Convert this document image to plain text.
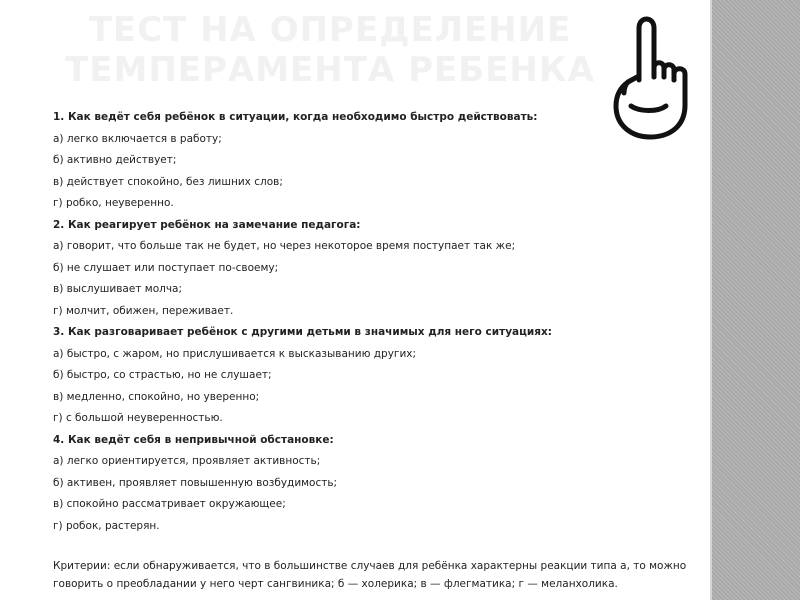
ТЕСТ НА ОПРЕДЕЛЕНИЕ ТЕМПЕРАМЕНТА РЕБЕНКА
1. Как ведёт себя ребёнок в ситуации, когда необходимо быстро действовать:
а) легко включается в работу;
б) активно действует;
в) действует спокойно, без лишних слов;
г) робко, неуверенно.
2. Как реагирует ребёнок на замечание педагога:
а) говорит, что больше так не будет, но через некоторое время поступает так же;
б) не слушает или поступает по-своему;
в) выслушивает молча;
г) молчит, обижен, переживает.
3. Как разговаривает ребёнок с другими детьми в значимых для него ситуациях:
а) быстро, с жаром, но прислушивается к высказыванию других;
б) быстро, со страстью, но не слушает;
в) медленно, спокойно, но уверенно;
г) с большой неуверенностью.
4. Как ведёт себя в непривычной обстановке:
а) легко ориентируется, проявляет активность;
б) активен, проявляет повышенную возбудимость;
в) спокойно рассматривает окружающее;
г) робок, растерян.
Критерии: если обнаруживается, что в большинстве случаев для ребёнка характерны реакции типа а, то можно говорить о преобладании у него черт сангвиника; б — холерика; в — флегматика; г — меланхолика.
